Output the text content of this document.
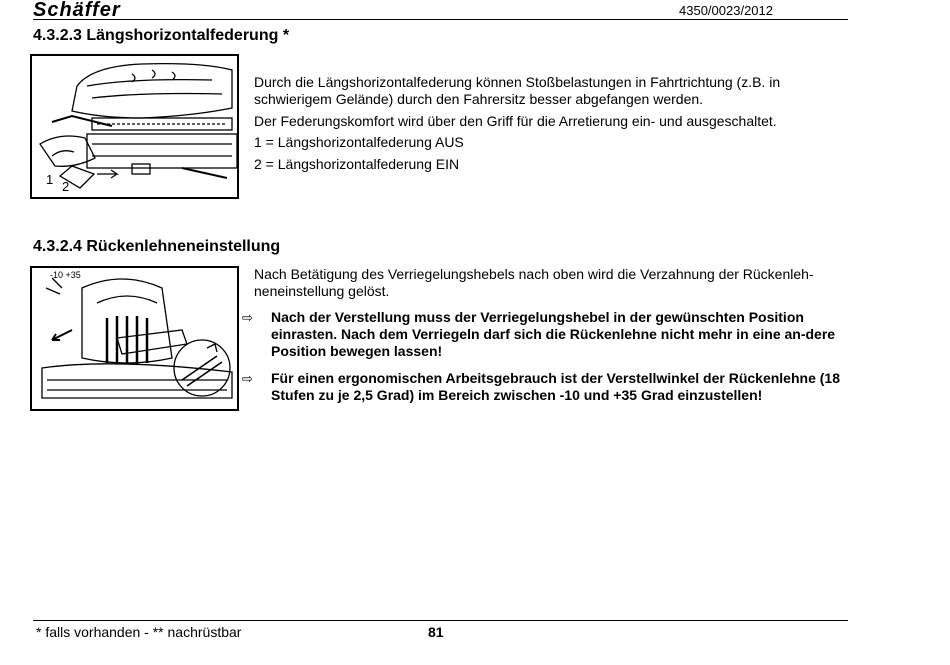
Schäffer	4350/0023/2012
4.3.2.3 Längshorizontalfederung *
1 2

Durch die Längshorizontalfederung können Stoßbelastungen in Fahrtrichtung (z.B. in schwierigem Gelände) durch den Fahrersitz besser abgefangen werden.

Der Federungskomfort wird über den Griff für die Arretierung ein- und ausgeschaltet.

1 = Längshorizontalfederung AUS

2 = Längshorizontalfederung EIN

4.3.2.4 Rückenlehneneinstellung
-10 +35	Nach Betätigung des Verriegelungshebels nach oben wird die Verzahnung der Rückenleh-neneinstellung gelöst.

⇨ Nach der Verstellung muss der Verriegelungshebel in der gewünschten Position einrasten. Nach dem Verriegeln darf sich die Rückenlehne nicht mehr in eine an-dere Position bewegen lassen!

⇨ Für einen ergonomischen Arbeitsgebrauch ist der Verstellwinkel der Rückenlehne (18 Stufen zu je 2,5 Grad) im Bereich zwischen -10 und +35 Grad einzustellen!

* falls vorhanden - ** nachrüstbar	81
